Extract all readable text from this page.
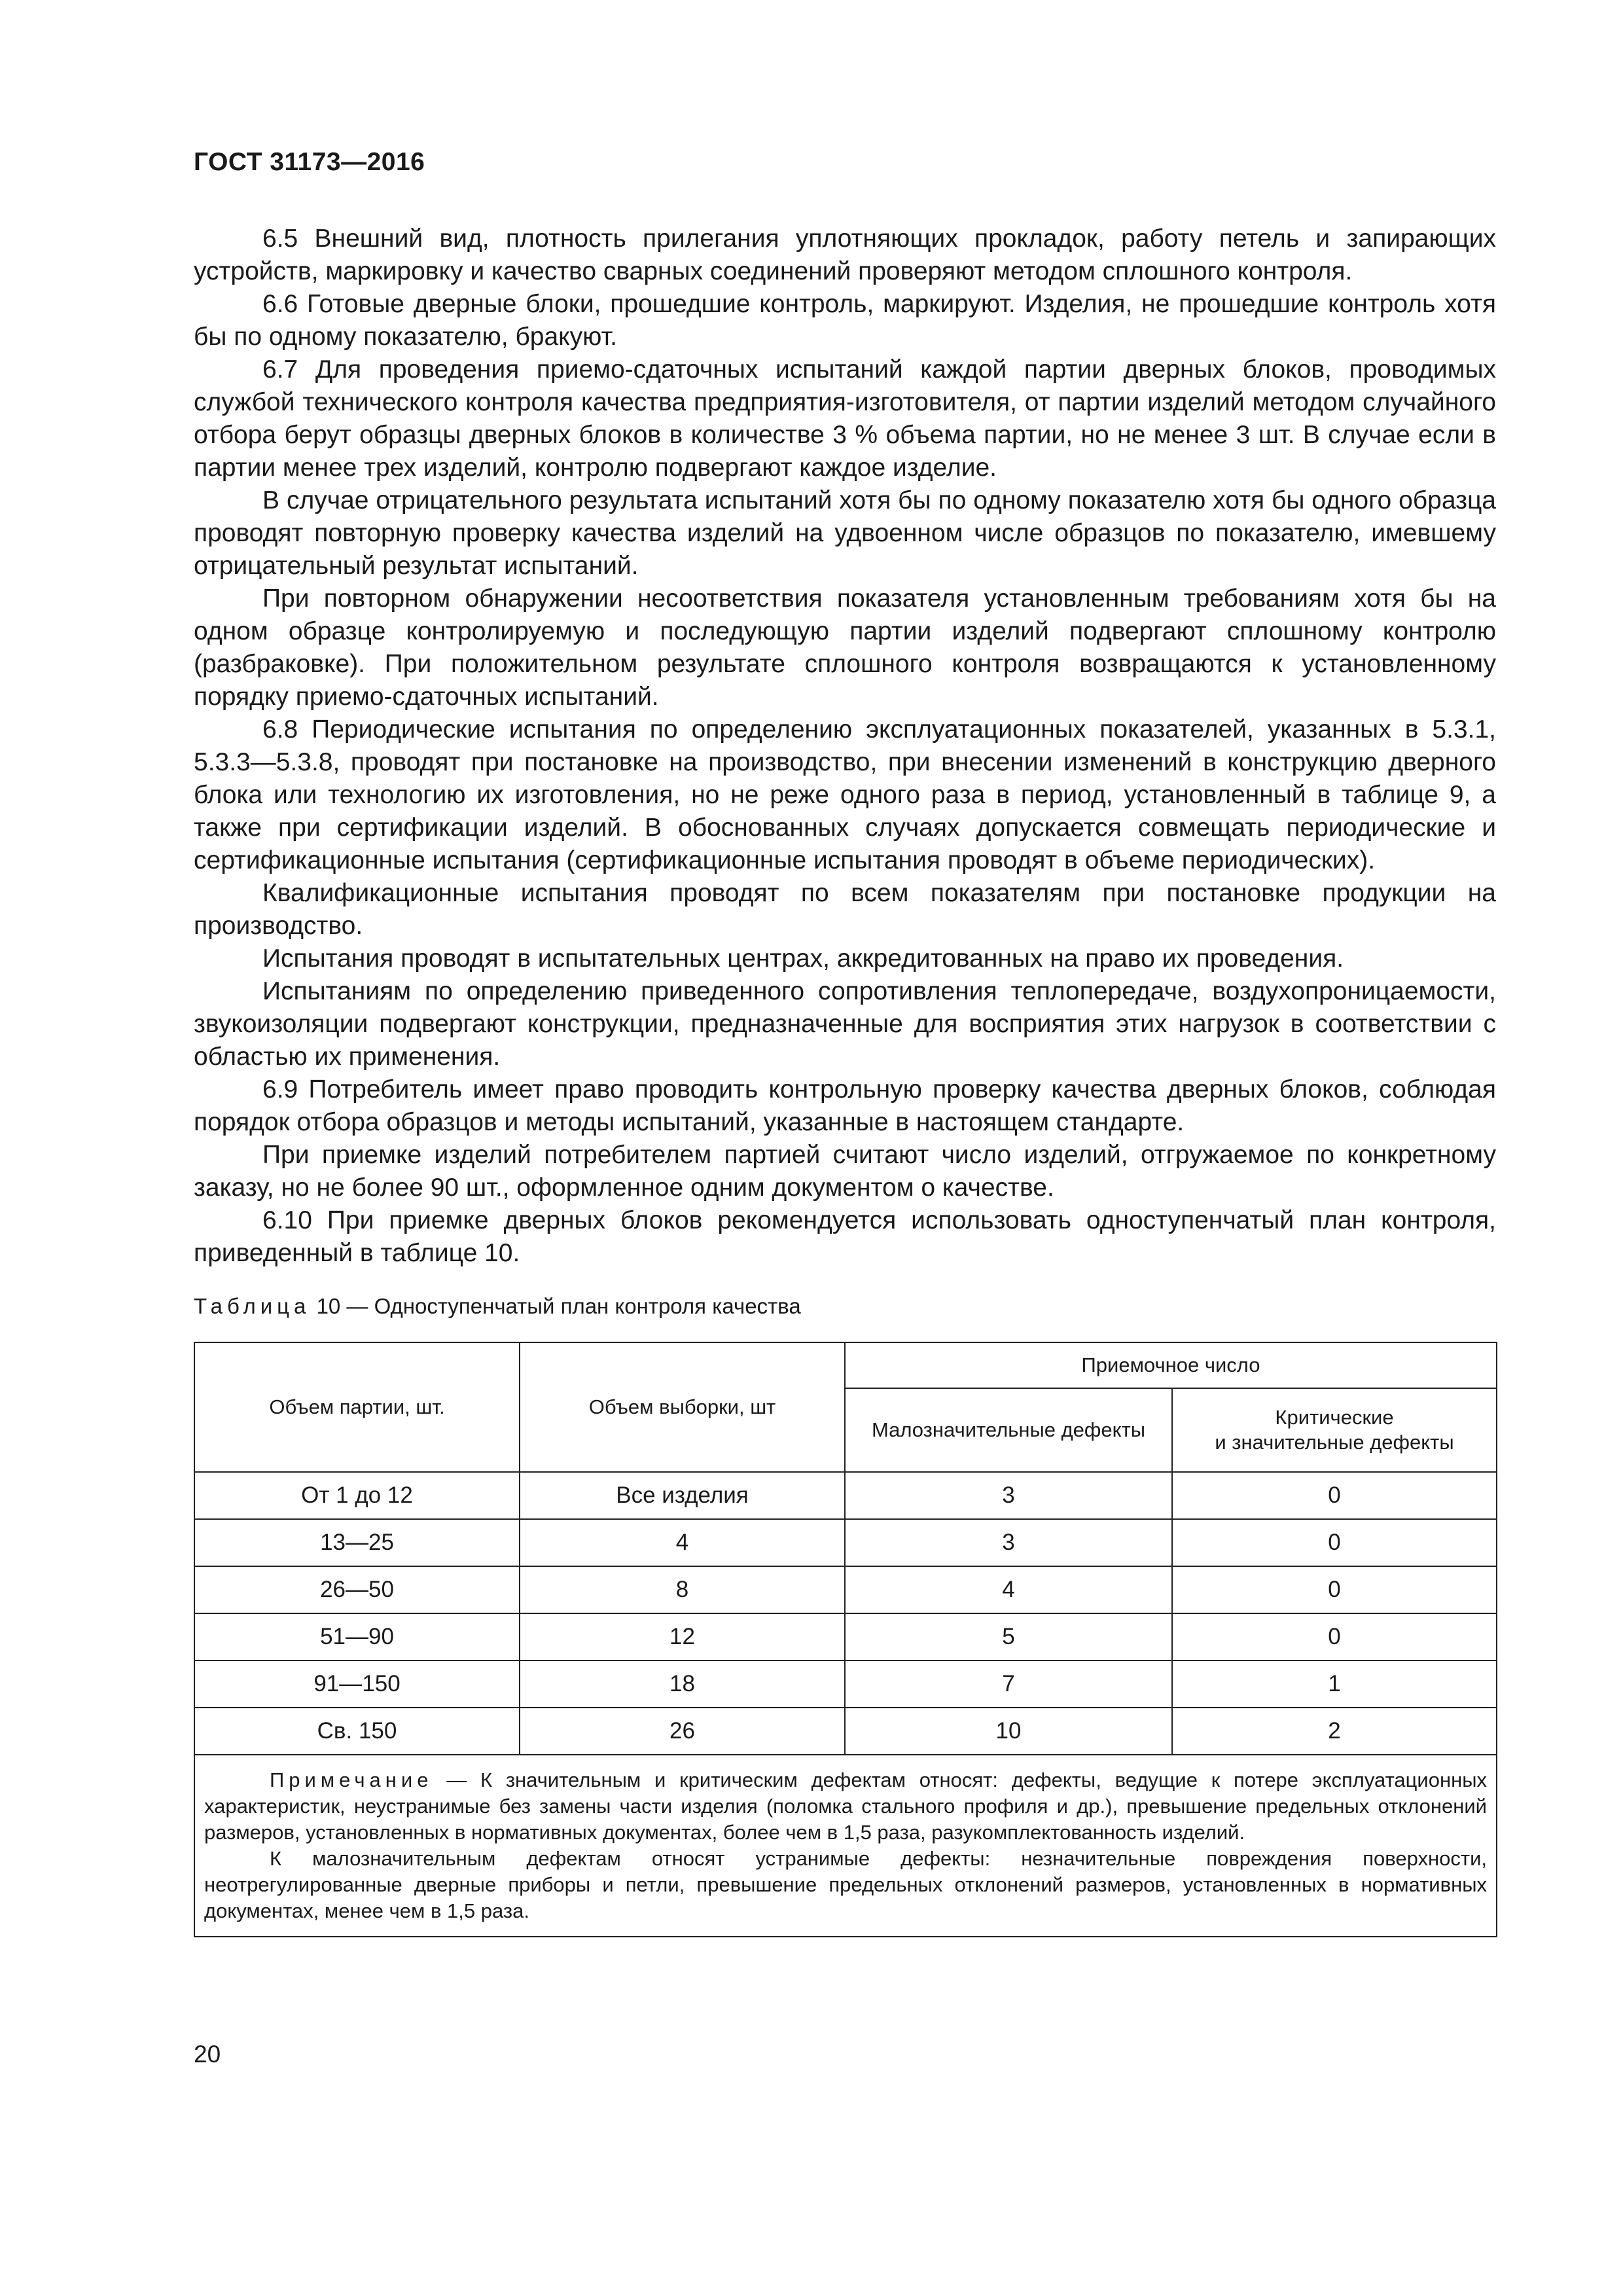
ГОСТ 31173—2016

6.5 Внешний вид, плотность прилегания уплотняющих прокладок, работу петель и запирающих устройств, маркировку и качество сварных соединений проверяют методом сплошного контроля.

6.6 Готовые дверные блоки, прошедшие контроль, маркируют. Изделия, не прошедшие контроль хотя бы по одному показателю, бракуют.

6.7 Для проведения приемо-сдаточных испытаний каждой партии дверных блоков, проводимых службой технического контроля качества предприятия-изготовителя, от партии изделий методом случайного отбора берут образцы дверных блоков в количестве 3 % объема партии, но не менее 3 шт. В случае если в партии менее трех изделий, контролю подвергают каждое изделие.

В случае отрицательного результата испытаний хотя бы по одному показателю хотя бы одного образца проводят повторную проверку качества изделий на удвоенном числе образцов по показателю, имевшему отрицательный результат испытаний.

При повторном обнаружении несоответствия показателя установленным требованиям хотя бы на одном образце контролируемую и последующую партии изделий подвергают сплошному контролю (разбраковке). При положительном результате сплошного контроля возвращаются к установленному порядку приемо-сдаточных испытаний.

6.8 Периодические испытания по определению эксплуатационных показателей, указанных в 5.3.1, 5.3.3—5.3.8, проводят при постановке на производство, при внесении изменений в конструкцию дверного блока или технологию их изготовления, но не реже одного раза в период, установленный в таблице 9, а также при сертификации изделий. В обоснованных случаях допускается совмещать периодические и сертификационные испытания (сертификационные испытания проводят в объеме периодических).

Квалификационные испытания проводят по всем показателям при постановке продукции на производство.

Испытания проводят в испытательных центрах, аккредитованных на право их проведения.

Испытаниям по определению приведенного сопротивления теплопередаче, воздухопроницаемости, звукоизоляции подвергают конструкции, предназначенные для восприятия этих нагрузок в соответствии с областью их применения.

6.9 Потребитель имеет право проводить контрольную проверку качества дверных блоков, соблюдая порядок отбора образцов и методы испытаний, указанные в настоящем стандарте.

При приемке изделий потребителем партией считают число изделий, отгружаемое по конкретному заказу, но не более 90 шт., оформленное одним документом о качестве.

6.10 При приемке дверных блоков рекомендуется использовать одноступенчатый план контроля, приведенный в таблице 10.

Таблица 10 — Одноступенчатый план контроля качества
Объем партии, шт.	Объем выборки, шт	Приемочное число	
		Малозначительные дефекты	Критические
и значительные дефекты
От 1 до 12	Все изделия	3	0
13—25	4	3	0
26—50	8	4	0
51—90	12	5	0
91—150	18	7	1
Св. 150	26	10	2

Примечание — К значительным и критическим дефектам относят: дефекты, ведущие к потере эксплуатационных характеристик, неустранимые без замены части изделия (поломка стального профиля и др.), превышение предельных отклонений размеров, установленных в нормативных документах, более чем в 1,5 раза, разукомплектованность изделий.

К малозначительным дефектам относят устранимые дефекты: незначительные повреждения поверхности, неотрегулированные дверные приборы и петли, превышение предельных отклонений размеров, установленных в нормативных документах, менее чем в 1,5 раза.			

20
